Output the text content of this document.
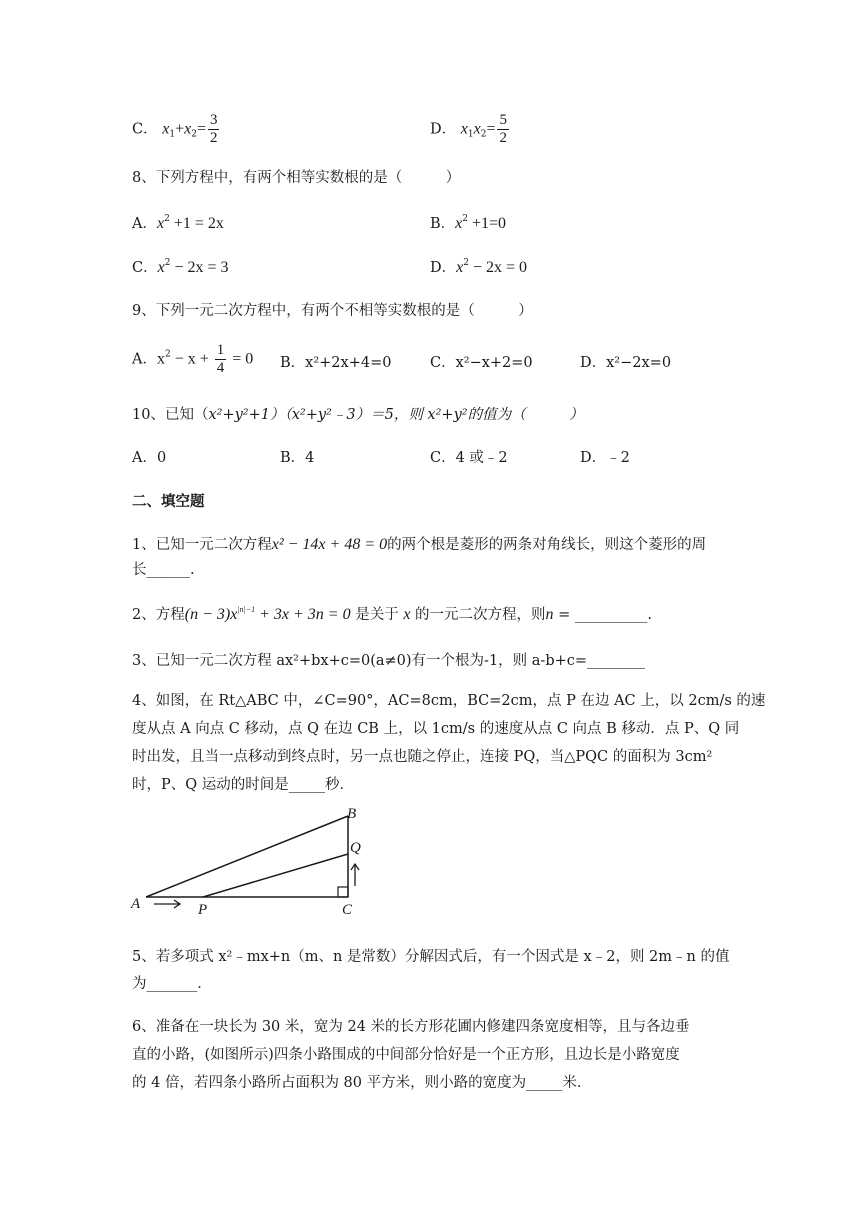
C． $x_1+x_2= \frac{3}{2}$	D． $x_1x_2= \frac{5}{2}$
8、下列方程中，有两个相等实数根的是（　　　）
A．$x^2 +1 = 2x$	B．$x^2 +1=0$
C．$x^2 - 2x = 3$	D．$x^2 - 2x = 0$
9、下列一元二次方程中，有两个不相等实数根的是（　　　）
A．$x^2 - x + \frac{1}{4} = 0$ B．x²+2x+4=0	C．x²−x+2=0	D．x²−2x=0
10、已知（x²+y²+1）（x²+y²﹣3）＝5，则 x²+y²的值为（　　　）
A．0	B．4	C．4 或﹣2	D．﹣2
二、填空题
1、已知一元二次方程x² − 14x + 48 = 0的两个根是菱形的两条对角线长，则这个菱形的周
长______.
2、方程$(n - 3)x^{|n|-1} + 3x + 3n = 0$ 是关于 x 的一元二次方程，则n = __________.
3、已知一元二次方程 ax²+bx+c=0(a≠0)有一个根为-1，则 a-b+c=________
4、如图，在 Rt△ABC 中，∠C=90°，AC=8cm，BC=2cm，点 P 在边 AC 上，以 2cm/s 的速
度从点 A 向点 C 移动，点 Q 在边 CB 上，以 1cm/s 的速度从点 C 向点 B 移动．点 P、Q 同
时出发，且当一点移动到终点时，另一点也随之停止，连接 PQ，当△PQC 的面积为 3cm²
时，P、Q 运动的时间是_____秒．
A
B
C
P
Q
5、若多项式 x²﹣mx+n（m、n 是常数）分解因式后，有一个因式是 x﹣2，则 2m﹣n 的值
为_______．
6、准备在一块长为 30 米，宽为 24 米的长方形花圃内修建四条宽度相等，且与各边垂
直的小路，(如图所示)四条小路围成的中间部分恰好是一个正方形，且边长是小路宽度
的 4 倍，若四条小路所占面积为 80 平方米，则小路的宽度为_____米．
